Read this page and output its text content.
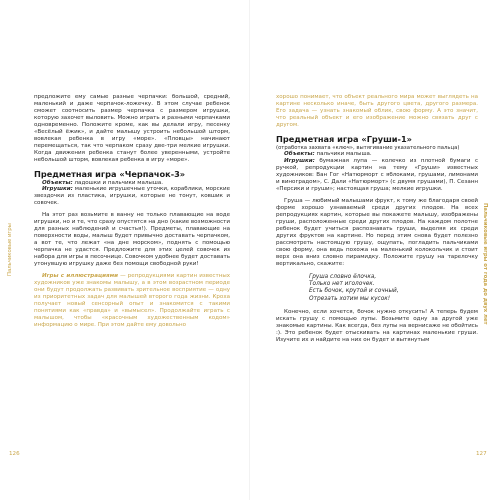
Пальчиковые игры
126

предложите ему самые разные черпачки: большой, средний, маленький и даже черпачок-ложечку. В этом случае ребенок сможет соотносить размер черпачка с размером игрушки, которую захочет выловить. Можно играть и разными черпачками одновременно. Положите кроме, как вы делали игру, песенку «Весёлый ёжик», и дайте малышу устроить небольшой шторм, вовлекая ребенка в игру «море». «Пловцы» начинают перемещаться, так что черпаком сразу две-три мелкие игрушки. Когда движения ребенка станут более уверенными, устройте небольшой шторм, вовлекая ребенка в игру «море».

Предметная игра «Черпачок-3»

Объекты: ладошки и пальчики малыша.

Игрушки: маленькие игрушечные уточки, кораблики, морские звездочки из пластика, игрушки, которые не тонут, ковшик и совочек.

На этот раз возьмите в ванну не только плавающие на воде игрушки, но и те, что сразу опустятся на дно (какие возможности для разных наблюдений и счастья!). Предметы, плавающие на поверхности воды, малыш будет привычно доставать черпачком, а вот те, что лежат «на дне морском», поднять с помощью черпачка не удастся. Предложите для этих целей совочек из набора для игры в песочнице. Совочком удобнее будет доставать утонувшую игрушку даже без помощи свободной руки!

Игры с иллюстрациями — репродукциями картин известных художников уже знакомы малышу, а в этом возрастном периоде они будут продолжать развивать зрительное восприятие — одну из приоритетных задач для малышей второго года жизни. Кроха получает новый сенсорный опыт и знакомится с такими понятиями как «правда» и «вымысел». Продолжайте играть с малышом, чтобы «красочным художественным кодом» информацию о мире. При этом дайте ему довольно

хорошо понимает, что объект реального мира может выглядеть на картине несколько иначе, быть другого цвета, другого размера. Его задача — узнать знакомый облик, свою форму. А это значит, что реальный объект и его изображение можно связать друг с другом.

Предметная игра «Груши-1»
(отработка захвата «ключ», вытягивание указательного пальца)

Объекты: пальчики малыша.

Игрушки: бумажная лупа — колечко из плотной бумаги с ручкой, репродукции картин на тему «Груши» известных художников: Ван Гог «Натюрморт с яблоками, грушами, лимонами и виноградом», С. Дали «Натюрморт» (с двумя грушами), П. Сезанн «Персики и груши»; настоящая груша; мелкие игрушки.

Груша — любимый малышами фрукт, к тому же благодаря своей форме хорошо узнаваемый среди других плодов. На всех репродукциях картин, которые вы покажете малышу, изображены груши, расположенные среди других плодов. На каждом полотне ребенок будет учиться распознавать груши, выделяя их среди других фруктов на картине. Но перед этим снова будет полезно рассмотреть настоящую грушу, ощупать, погладить пальчиками свою форму, она ведь похожа на маленький колокольчик и стоит верх она вниз словно пирамидку. Положите грушу на тарелочку вертикально, скажите:

Груша словно ёлочка,
Только нет иголочек.
Есть бочок, крутой и сочный,
Отрезать хотим мы кусок!

Конечно, если хочется, бочок нужно откусить! А теперь будем искать грушу с помощью лупы. Возьмите одну за другой уже знакомые картины. Как всегда, без лупы на вернисаже не обойтись :). Это ребенок будет отыскивать на картинах маленькие груши. Изучите их и найдите на них он будет и вытянутым

Пальчиковые игры от года до двух лет
127
